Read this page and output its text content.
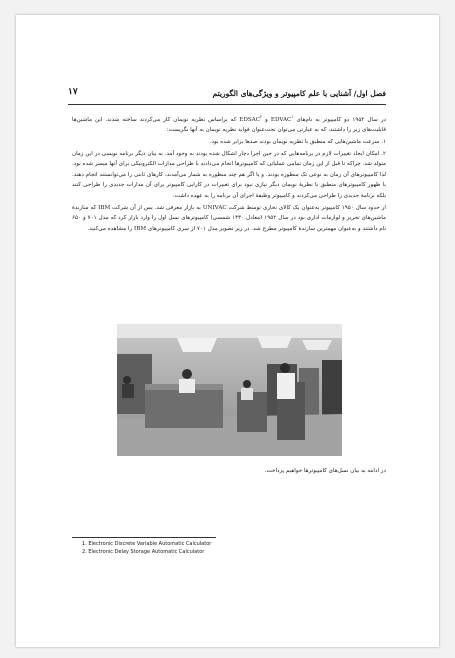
فصل اول/ آشنایی با علم کامپیوتر و ویژگی‌های الگوریتم
۱۷

در سال ۱۹۵۲ دو کامپیوتر به نام‌های EDVAC$^۱$ و EDSAC$^۲$ که براساس نظریه نویمان کار می‌کردند ساخته شدند. این ماشین‌ها قابلیت‌های زیر را داشتند، که به عبارتی می‌توان تحت‌عنوان فواید نظریه نویمان به آنها نگریست:

۱. سرعت ماشین‌هایی که منطبق با نظریه نویمان بودند صدها برابر شده بود.

۲. امکان ایجاد تغییرات لازم در برنامه‌هایی که در حین اجرا دچار اشکال شده بودند به وجود آمد. به بیان دیگر برنامه نویسی در این زمان متولد شد. چراکه تا قبل از این زمان تمامی عملیاتی که کامپیوترها انجام می‌دادند با طراحی مدارات الکترونیکی برای آنها میسر شده بود. لذا کامپیوترهای آن زمان به نوعی تک منظوره بودند. و یا اگر هم چند منظوره به شمار می‌آمدند، کارهای ثابتی را می‌توانستند انجام دهند. با ظهور کامپیوترهای منطبق با نظریهٔ نویمان دیگر نیازی نبود برای تغییرات در کارایی کامپیوتر برای آن مدارات جدیدی را طراحی کنند بلکه برنامهٔ جدیدی را طراحی می‌کردند و کامپیوتر وظیفهٔ اجرای آن برنامه را به عهده داشت.

از حدود سال ۱۹۵۰ کامپیوتر به‌عنوان یک کالای تجاری توسط شرکت UNIVAC به بازار معرفی شد. پس از آن شرکت IBM که سازندهٔ ماشین‌های تحریر و لوازمات اداری بود در سال ۱۹۵۲ (معادل ۱۳۳۰ شمسی) کامپیوترهای نسل اول را وارد بازار کرد که مدل ۷۰۱ و ۶۵۰ نام داشتند و به‌عنوان مهمترین سازندهٔ کامپیوتر مطرح شد. در زیر تصویر مدل ۷۰۱ از سری کامپیوترهای IBM را مشاهده می‌کنید.

در ادامه به بیان نسل‌های کامپیوترها خواهیم پرداخت.
1. Electronic Discrete Variable Automatic Calculator
2. Electronic Delay Storage Automatic Calculator
